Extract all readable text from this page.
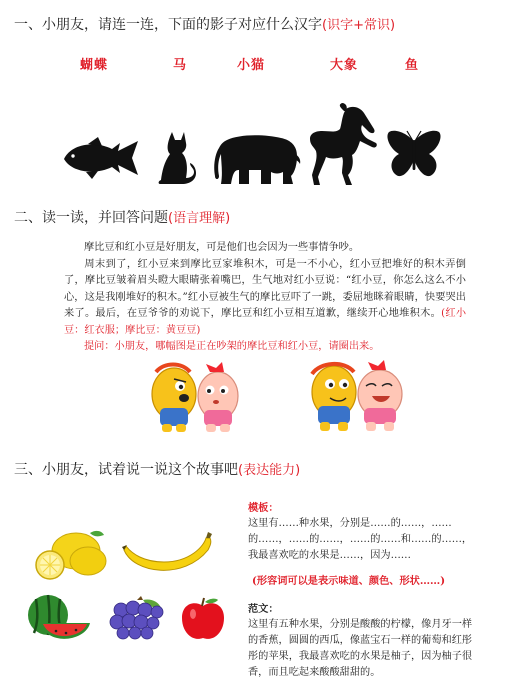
一、小朋友，请连一连，下面的影子对应什么汉字(识字+常识)
蝴蝶	马	小猫	大象	鱼
二、读一读，并回答问题(语言理解)
摩比豆和红小豆是好朋友，可是他们也会因为一些事情争吵。
周末到了，红小豆来到摩比豆家堆积木，可是一不小心，红小豆把堆好的积木弄倒了，摩比豆皱着眉头瞪大眼睛张着嘴巴，生气地对红小豆说：“红小豆，你怎么这么不小心，这是我刚堆好的积木。”红小豆被生气的摩比豆吓了一跳，委屈地眯着眼睛，快要哭出来了。最后，在豆爷爷的劝说下，摩比豆和红小豆相互道歉，继续开心地堆积木。(红小豆：红衣服；摩比豆：黄豆豆)
提问：小朋友，哪幅图是正在吵架的摩比豆和红小豆，请圈出来。
三、小朋友，试着说一说这个故事吧(表达能力)
模板：
这里有……种水果，分别是……的……，……
的……，……的……，……的……和……的……，
我最喜欢吃的水果是……，因为……
(形容词可以是表示味道、颜色、形状……)
范文：
这里有五种水果，分别是酸酸的柠檬，像月牙一样
的香蕉，圆圆的西瓜，像蓝宝石一样的葡萄和红彤
彤的苹果，我最喜欢吃的水果是柚子，因为柚子很
香，而且吃起来酸酸甜甜的。
